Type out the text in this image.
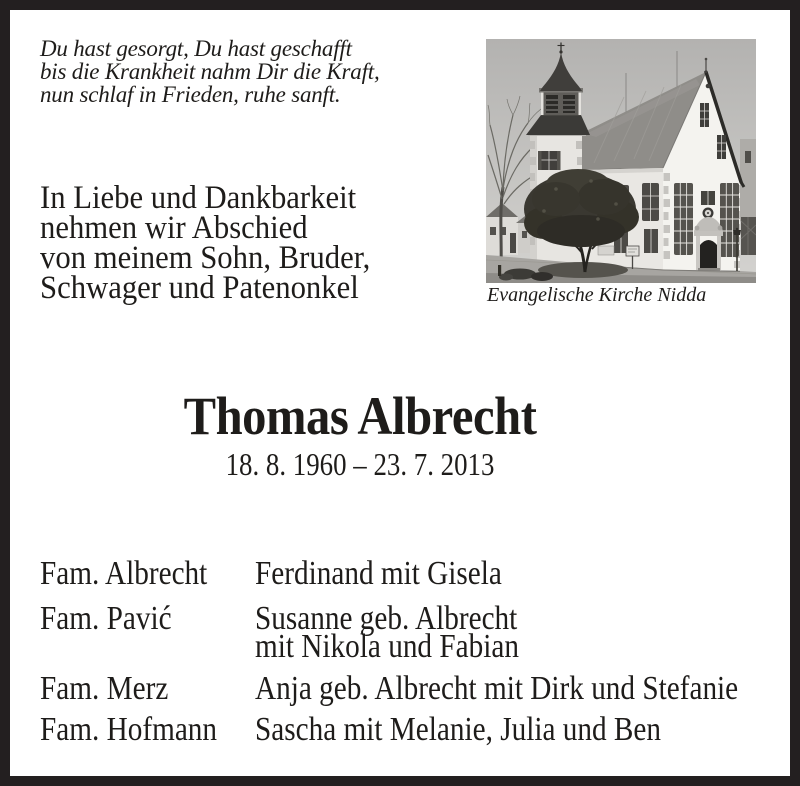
Du hast gesorgt, Du hast geschafft
bis die Krankheit nahm Dir die Kraft,
nun schlaf in Frieden, ruhe sanft.
In Liebe und Dankbarkeit
nehmen wir Abschied
von meinem Sohn, Bruder,
Schwager und Patenonkel	Evangelische Kirche Nidda
Thomas Albrecht
18. 8. 1960 – 23. 7. 2013
Fam. Albrecht	Ferdinand mit Gisela
Fam. Pavić	Susanne geb. Albrecht
mit Nikola und Fabian
Fam. Merz	Anja geb. Albrecht mit Dirk und Stefanie
Fam. Hofmann	Sascha mit Melanie, Julia und Ben
